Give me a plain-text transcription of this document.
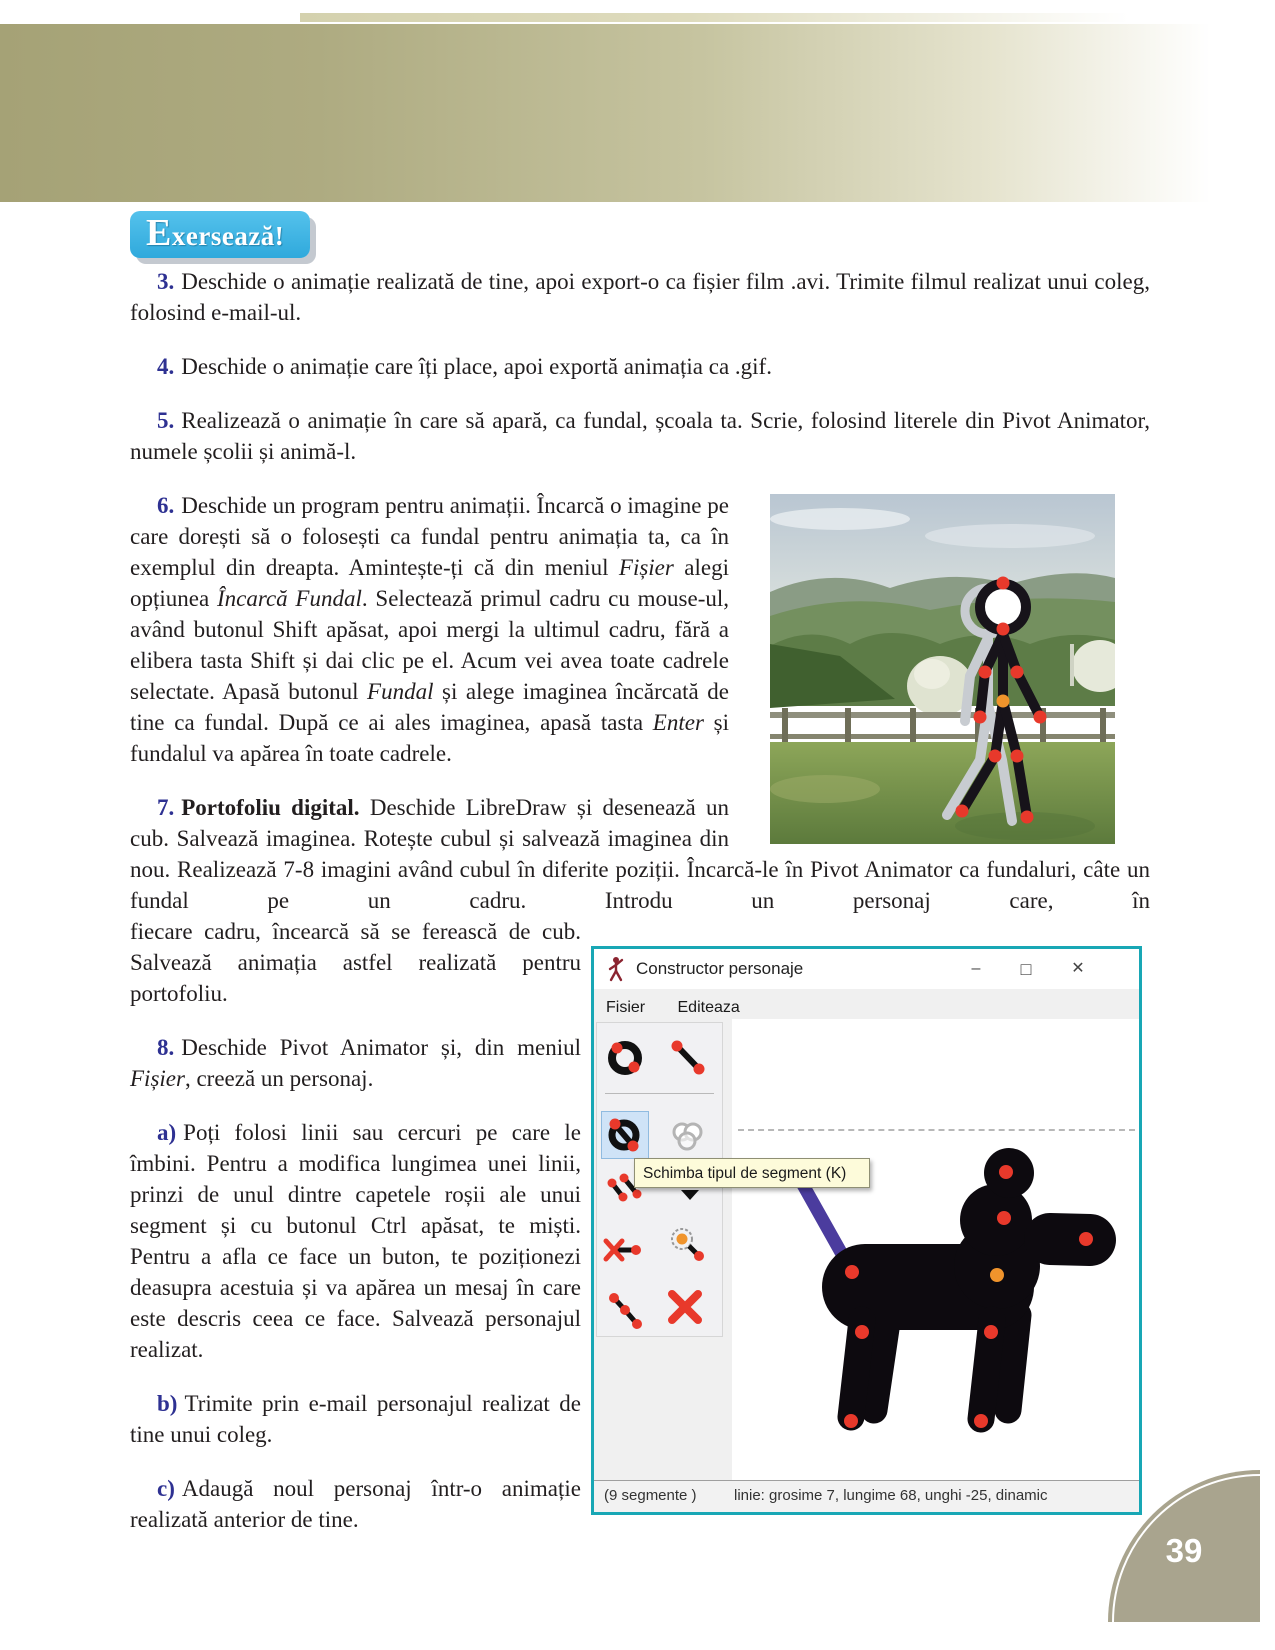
Exersează!
3. Deschide o animație realizată de tine, apoi export-o ca fișier film .avi. Trimite filmul realizat unui coleg, folosind e-mail-ul.
4. Deschide o animație care îți place, apoi exportă animația ca .gif.
5. Realizează o animație în care să apară, ca fundal, școala ta. Scrie, folosind literele din Pivot Animator, numele școlii și animă-l.
6. Deschide un program pentru animații. Încarcă o imagine pe care dorești să o folosești ca fundal pentru animația ta, ca în exemplul din dreapta. Amintește-ți că din meniul Fișier alegi opțiunea Încarcă Fundal. Selectează primul cadru cu mouse-ul, având butonul Shift apăsat, apoi mergi la ultimul cadru, fără a elibera tasta Shift și dai clic pe el. Acum vei avea toate cadrele selectate. Apasă butonul Fundal și alege imaginea încărcată de tine ca fundal. După ce ai ales imaginea, apasă tasta Enter și fundalul va apărea în toate cadrele.
7. Portofoliu digital. Deschide LibreDraw și desenează un cub. Salvează imaginea. Rotește cubul și salvează imaginea din nou. Realizează 7-8 imagini având cubul în diferite poziții. Încarcă-le în Pivot Animator ca fundaluri, câte un fundal pe un cadru. Introdu un personaj care, în
Constructor personaje	–	□	✕
Fisier Editeaza
Schimba tipul de segment (K)
(9 segmente ) linie: grosime 7, lungime 68, unghi -25, dinamic
fiecare cadru, încearcă să se ferească de cub. Salvează animația astfel realizată pentru portofoliu.
8. Deschide Pivot Animator și, din meniul Fișier, creeză un personaj.
a) Poți folosi linii sau cercuri pe care le îmbini. Pentru a modifica lungimea unei linii, prinzi de unul dintre capetele roșii ale unui segment și cu butonul Ctrl apăsat, te miști. Pentru a afla ce face un buton, te poziționezi deasupra acestuia și va apărea un mesaj în care este descris ceea ce face. Salvează personajul realizat.
b) Trimite prin e-mail personajul realizat de tine unui coleg.
c) Adaugă noul personaj într-o animație realizată anterior de tine.
39
